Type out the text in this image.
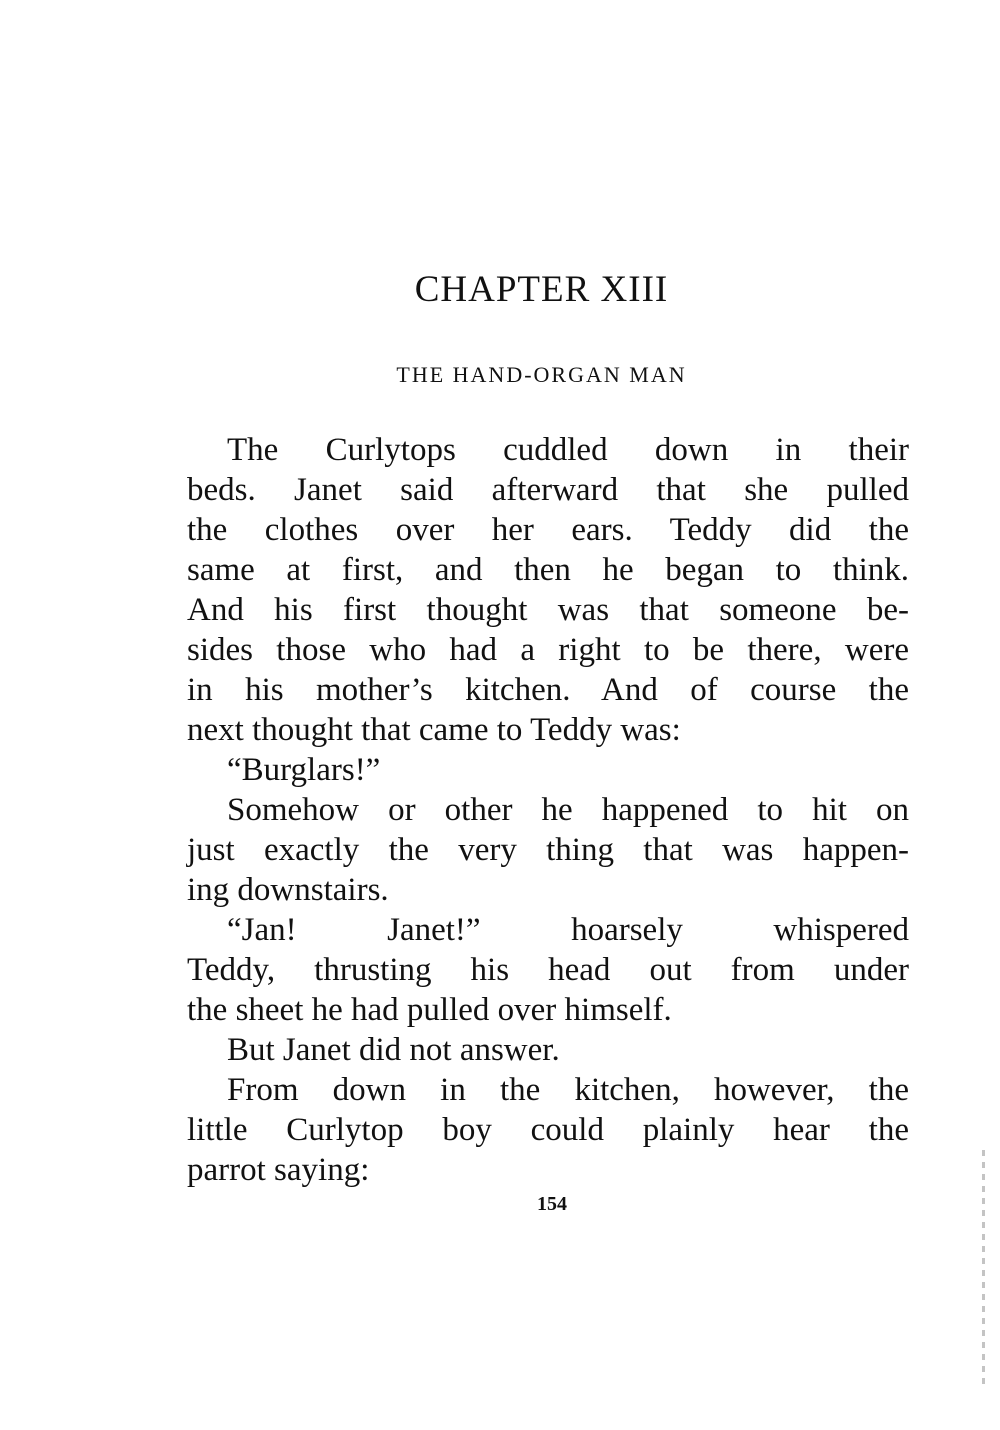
CHAPTER XIII
THE HAND-ORGAN MAN
The Curlytops cuddled down in their
beds. Janet said afterward that she pulled
the clothes over her ears. Teddy did the
same at first, and then he began to think.
And his first thought was that someone be-
sides those who had a right to be there, were
in his mother’s kitchen. And of course the
next thought that came to Teddy was:
“Burglars!”
Somehow or other he happened to hit on
just exactly the very thing that was happen-
ing downstairs.
“Jan! Janet!” hoarsely whispered
Teddy, thrusting his head out from under
the sheet he had pulled over himself.
But Janet did not answer.
From down in the kitchen, however, the
little Curlytop boy could plainly hear the
parrot saying:

154
